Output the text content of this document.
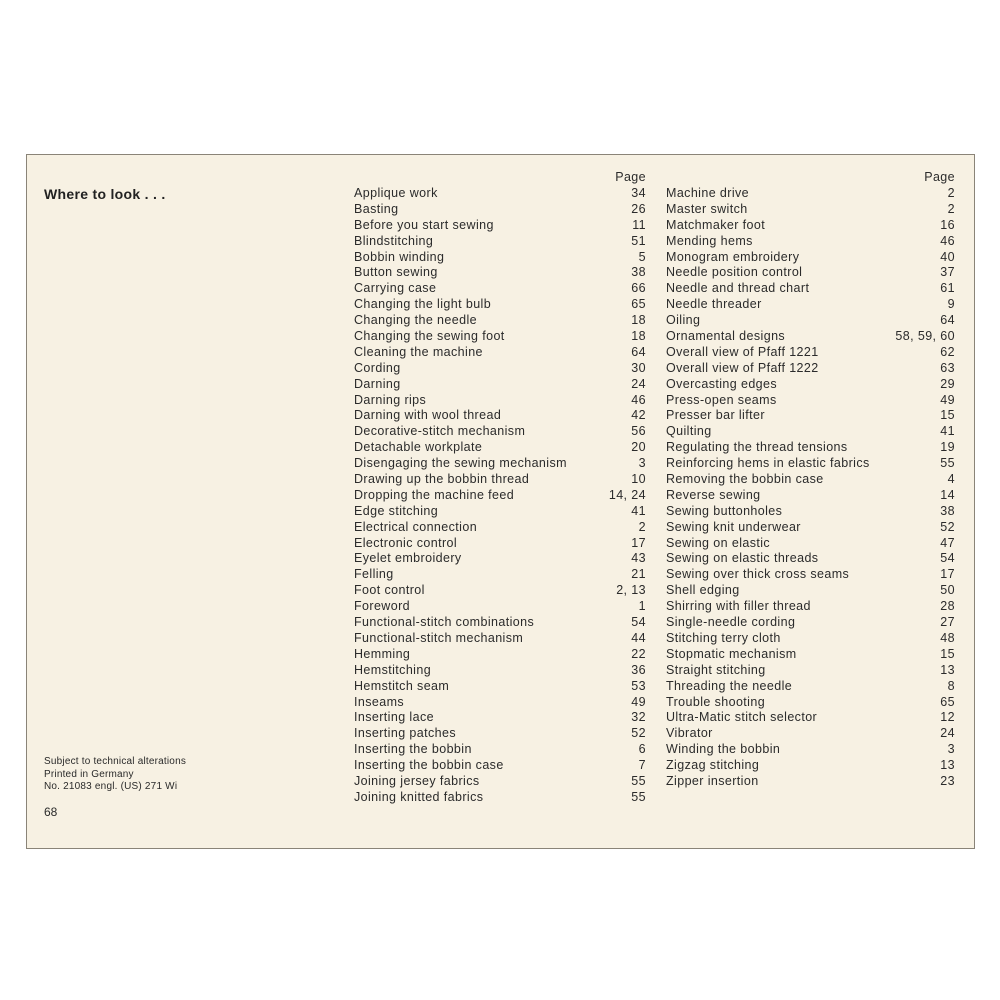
Where to look . . .
Page
Applique work	34
Basting	26
Before you start sewing	11
Blindstitching	51
Bobbin winding	5
Button sewing	38
Carrying case	66
Changing the light bulb	65
Changing the needle	18
Changing the sewing foot	18
Cleaning the machine	64
Cording	30
Darning	24
Darning rips	46
Darning with wool thread	42
Decorative-stitch mechanism	56
Detachable workplate	20
Disengaging the sewing mechanism	3
Drawing up the bobbin thread	10
Dropping the machine feed	14, 24
Edge stitching	41
Electrical connection	2
Electronic control	17
Eyelet embroidery	43
Felling	21
Foot control	2, 13
Foreword	1
Functional-stitch combinations	54
Functional-stitch mechanism	44
Hemming	22
Hemstitching	36
Hemstitch seam	53
Inseams	49
Inserting lace	32
Inserting patches	52
Inserting the bobbin	6
Inserting the bobbin case	7
Joining jersey fabrics	55
Joining knitted fabrics	55
Page
Machine drive	2
Master switch	2
Matchmaker foot	16
Mending hems	46
Monogram embroidery	40
Needle position control	37
Needle and thread chart	61
Needle threader	9
Oiling	64
Ornamental designs	58, 59, 60
Overall view of Pfaff 1221	62
Overall view of Pfaff 1222	63
Overcasting edges	29
Press-open seams	49
Presser bar lifter	15
Quilting	41
Regulating the thread tensions	19
Reinforcing hems in elastic fabrics	55
Removing the bobbin case	4
Reverse sewing	14
Sewing buttonholes	38
Sewing knit underwear	52
Sewing on elastic	47
Sewing on elastic threads	54
Sewing over thick cross seams	17
Shell edging	50
Shirring with filler thread	28
Single-needle cording	27
Stitching terry cloth	48
Stopmatic mechanism	15
Straight stitching	13
Threading the needle	8
Trouble shooting	65
Ultra-Matic stitch selector	12
Vibrator	24
Winding the bobbin	3
Zigzag stitching	13
Zipper insertion	23
Subject to technical alterations
Printed in Germany
No. 21083 engl. (US) 271 Wi
68
